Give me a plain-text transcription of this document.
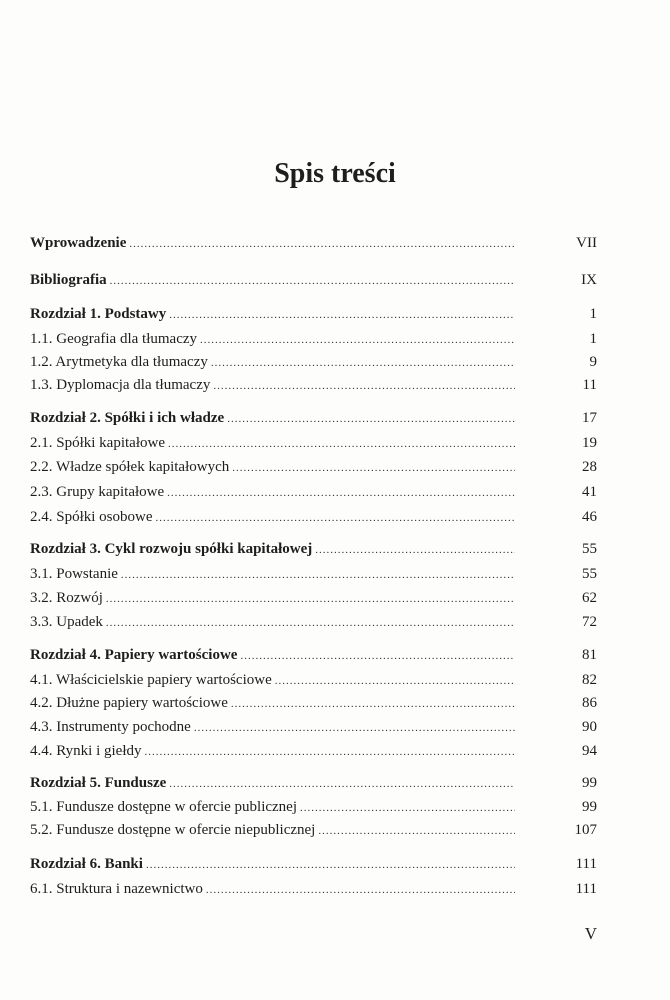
Spis treści
Wprowadzenie .....	VII
Bibliografia .....	IX
Rozdział 1. Podstawy .....	1
1.1. Geografia dla tłumaczy .....	1
1.2. Arytmetyka dla tłumaczy .....	9
1.3. Dyplomacja dla tłumaczy .....	11
Rozdział 2. Spółki i ich władze .....	17
2.1. Spółki kapitałowe .....	19
2.2. Władze spółek kapitałowych .....	28
2.3. Grupy kapitałowe .....	41
2.4. Spółki osobowe .....	46
Rozdział 3. Cykl rozwoju spółki kapitałowej .....	55
3.1. Powstanie .....	55
3.2. Rozwój .....	62
3.3. Upadek .....	72
Rozdział 4. Papiery wartościowe .....	81
4.1. Właścicielskie papiery wartościowe .....	82
4.2. Dłużne papiery wartościowe .....	86
4.3. Instrumenty pochodne .....	90
4.4. Rynki i giełdy .....	94
Rozdział 5. Fundusze .....	99
5.1. Fundusze dostępne w ofercie publicznej .....	99
5.2. Fundusze dostępne w ofercie niepublicznej .....	107
Rozdział 6. Banki .....	111
6.1. Struktura i nazewnictwo .....	111
V
